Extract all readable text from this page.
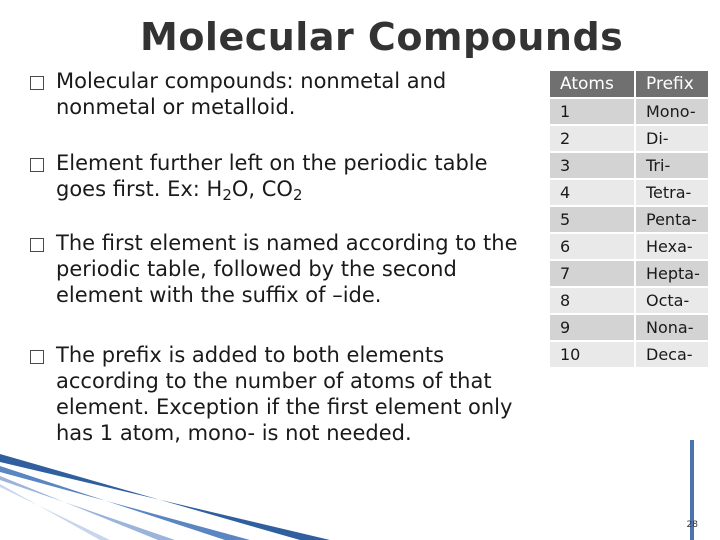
Molecular Compounds
Molecular compounds: nonmetal and nonmetal or metalloid.
Element further left on the periodic table goes first. Ex: $H_2O$, $CO_2$
The first element is named according to the periodic table, followed by the second element with the suffix of –ide.
The prefix is added to both elements according to the number of atoms of that element. Exception if the first element only has 1 atom, mono- is not needed.
Atoms	Prefix
1	Mono-
2	Di-
3	Tri-
4	Tetra-
5	Penta-
6	Hexa-
7	Hepta-
8	Octa-
9	Nona-
10	Deca-
28
